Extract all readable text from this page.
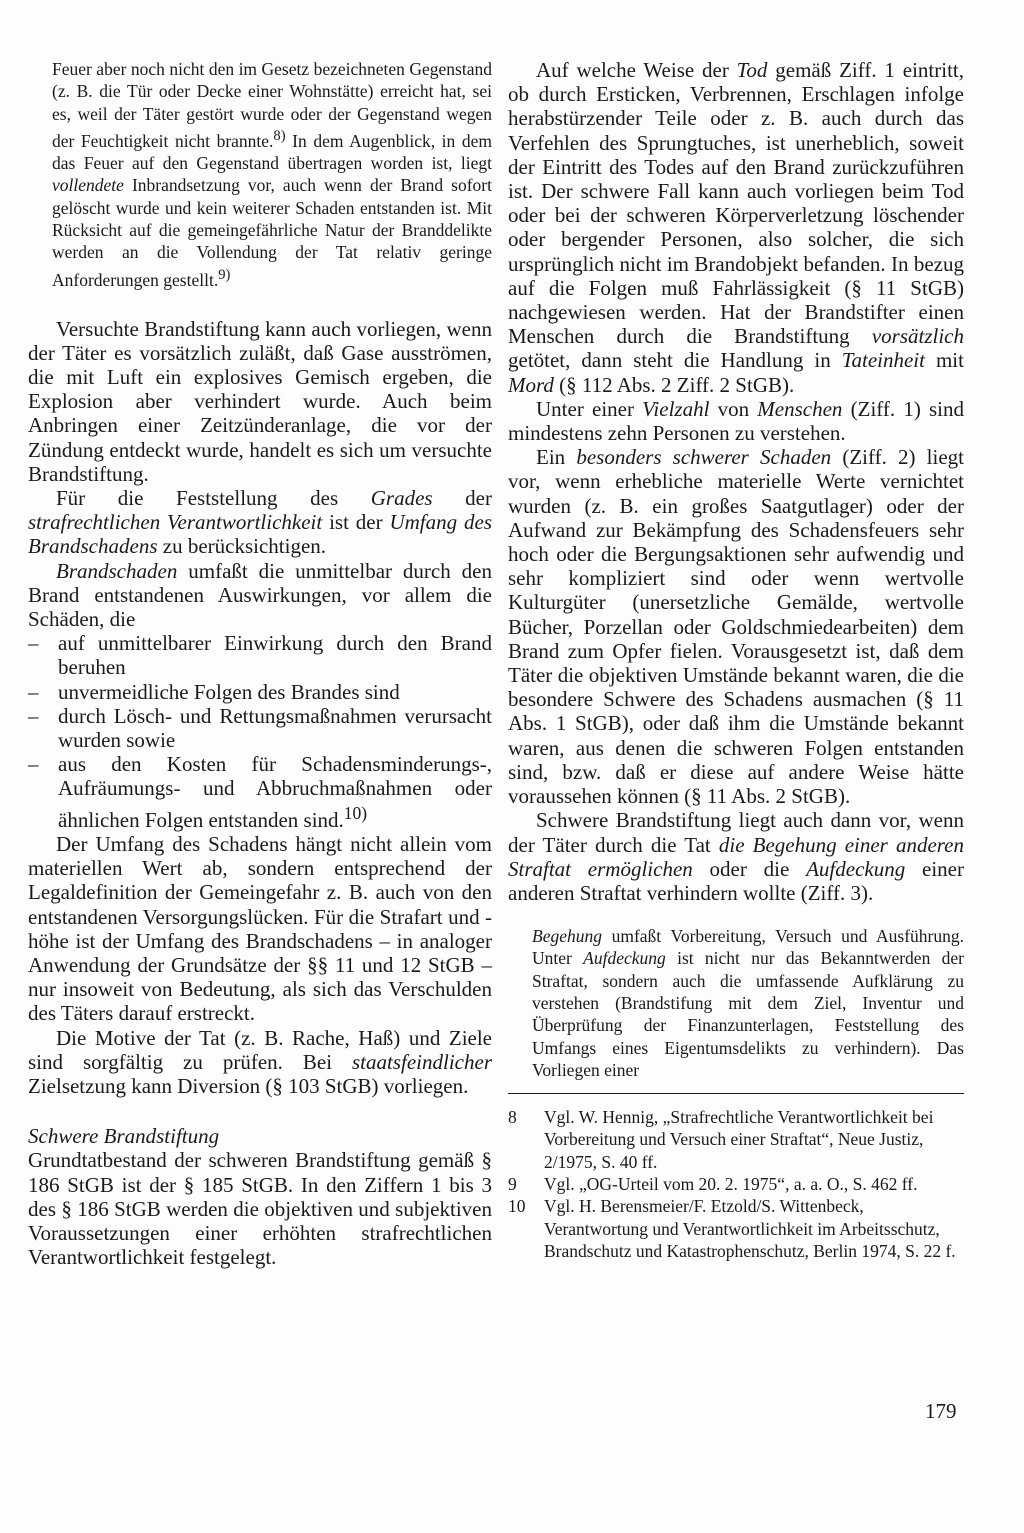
Feuer aber noch nicht den im Gesetz bezeichneten Gegenstand (z. B. die Tür oder Decke einer Wohnstätte) erreicht hat, sei es, weil der Täter gestört wurde oder der Gegenstand wegen der Feuchtigkeit nicht brannte.$^{8)}$ In dem Augenblick, in dem das Feuer auf den Gegenstand übertragen worden ist, liegt vollendete Inbrandsetzung vor, auch wenn der Brand sofort gelöscht wurde und kein weiterer Schaden entstanden ist. Mit Rücksicht auf die gemeingefährliche Natur der Branddelikte werden an die Vollendung der Tat relativ geringe Anforderungen gestellt.$^{9)}$

Versuchte Brandstiftung kann auch vorliegen, wenn der Täter es vorsätzlich zuläßt, daß Gase ausströmen, die mit Luft ein explosives Gemisch ergeben, die Explosion aber verhindert wurde. Auch beim Anbringen einer Zeitzünderanlage, die vor der Zündung entdeckt wurde, handelt es sich um versuchte Brandstiftung.

Für die Feststellung des Grades der strafrechtlichen Verantwortlichkeit ist der Umfang des Brandschadens zu berücksichtigen.

Brandschaden umfaßt die unmittelbar durch den Brand entstandenen Auswirkungen, vor allem die Schäden, die

– auf unmittelbarer Einwirkung durch den Brand beruhen
– unvermeidliche Folgen des Brandes sind
– durch Lösch- und Rettungsmaßnahmen verursacht wurden sowie
– aus den Kosten für Schadensminderungs-, Aufräumungs- und Abbruchmaßnahmen oder ähnlichen Folgen entstanden sind.$^{10)}$

Der Umfang des Schadens hängt nicht allein vom materiellen Wert ab, sondern entsprechend der Legaldefinition der Gemeingefahr z. B. auch von den entstandenen Versorgungslücken. Für die Strafart und -höhe ist der Umfang des Brandschadens – in analoger Anwendung der Grundsätze der §§ 11 und 12 StGB – nur insoweit von Bedeutung, als sich das Verschulden des Täters darauf erstreckt.

Die Motive der Tat (z. B. Rache, Haß) und Ziele sind sorgfältig zu prüfen. Bei staatsfeindlicher Zielsetzung kann Diversion (§ 103 StGB) vorliegen.

Schwere Brandstiftung

Grundtatbestand der schweren Brandstiftung gemäß § 186 StGB ist der § 185 StGB. In den Ziffern 1 bis 3 des § 186 StGB werden die objektiven und subjektiven Voraussetzungen einer erhöhten strafrechtlichen Verantwortlichkeit festgelegt.

Auf welche Weise der Tod gemäß Ziff. 1 eintritt, ob durch Ersticken, Verbrennen, Erschlagen infolge herabstürzender Teile oder z. B. auch durch das Verfehlen des Sprungtuches, ist unerheblich, soweit der Eintritt des Todes auf den Brand zurückzuführen ist. Der schwere Fall kann auch vorliegen beim Tod oder bei der schweren Körperverletzung löschender oder bergender Personen, also solcher, die sich ursprünglich nicht im Brandobjekt befanden. In bezug auf die Folgen muß Fahrlässigkeit (§ 11 StGB) nachgewiesen werden. Hat der Brandstifter einen Menschen durch die Brandstiftung vorsätzlich getötet, dann steht die Handlung in Tateinheit mit Mord (§ 112 Abs. 2 Ziff. 2 StGB).

Unter einer Vielzahl von Menschen (Ziff. 1) sind mindestens zehn Personen zu verstehen.

Ein besonders schwerer Schaden (Ziff. 2) liegt vor, wenn erhebliche materielle Werte vernichtet wurden (z. B. ein großes Saatgutlager) oder der Aufwand zur Bekämpfung des Schadensfeuers sehr hoch oder die Bergungsaktionen sehr aufwendig und sehr kompliziert sind oder wenn wertvolle Kulturgüter (unersetzliche Gemälde, wertvolle Bücher, Porzellan oder Goldschmiedearbeiten) dem Brand zum Opfer fielen. Vorausgesetzt ist, daß dem Täter die objektiven Umstände bekannt waren, die die besondere Schwere des Schadens ausmachen (§ 11 Abs. 1 StGB), oder daß ihm die Umstände bekannt waren, aus denen die schweren Folgen entstanden sind, bzw. daß er diese auf andere Weise hätte voraussehen können (§ 11 Abs. 2 StGB).

Schwere Brandstiftung liegt auch dann vor, wenn der Täter durch die Tat die Begehung einer anderen Straftat ermöglichen oder die Aufdeckung einer anderen Straftat verhindern wollte (Ziff. 3).

Begehung umfaßt Vorbereitung, Versuch und Ausführung. Unter Aufdeckung ist nicht nur das Bekanntwerden der Straftat, sondern auch die umfassende Aufklärung zu verstehen (Brandstifung mit dem Ziel, Inventur und Überprüfung der Finanzunterlagen, Feststellung des Umfangs eines Eigentumsdelikts zu verhindern). Das Vorliegen einer

8	Vgl. W. Hennig, „Strafrechtliche Verantwortlichkeit bei Vorbereitung und Versuch einer Straftat“, Neue Justiz, 2/1975, S. 40 ff.
9	Vgl. „OG-Urteil vom 20. 2. 1975“, a. a. O., S. 462 ff.
10	Vgl. H. Berensmeier/F. Etzold/S. Wittenbeck, Verantwortung und Verantwortlichkeit im Arbeitsschutz, Brandschutz und Katastrophenschutz, Berlin 1974, S. 22 f.
179
